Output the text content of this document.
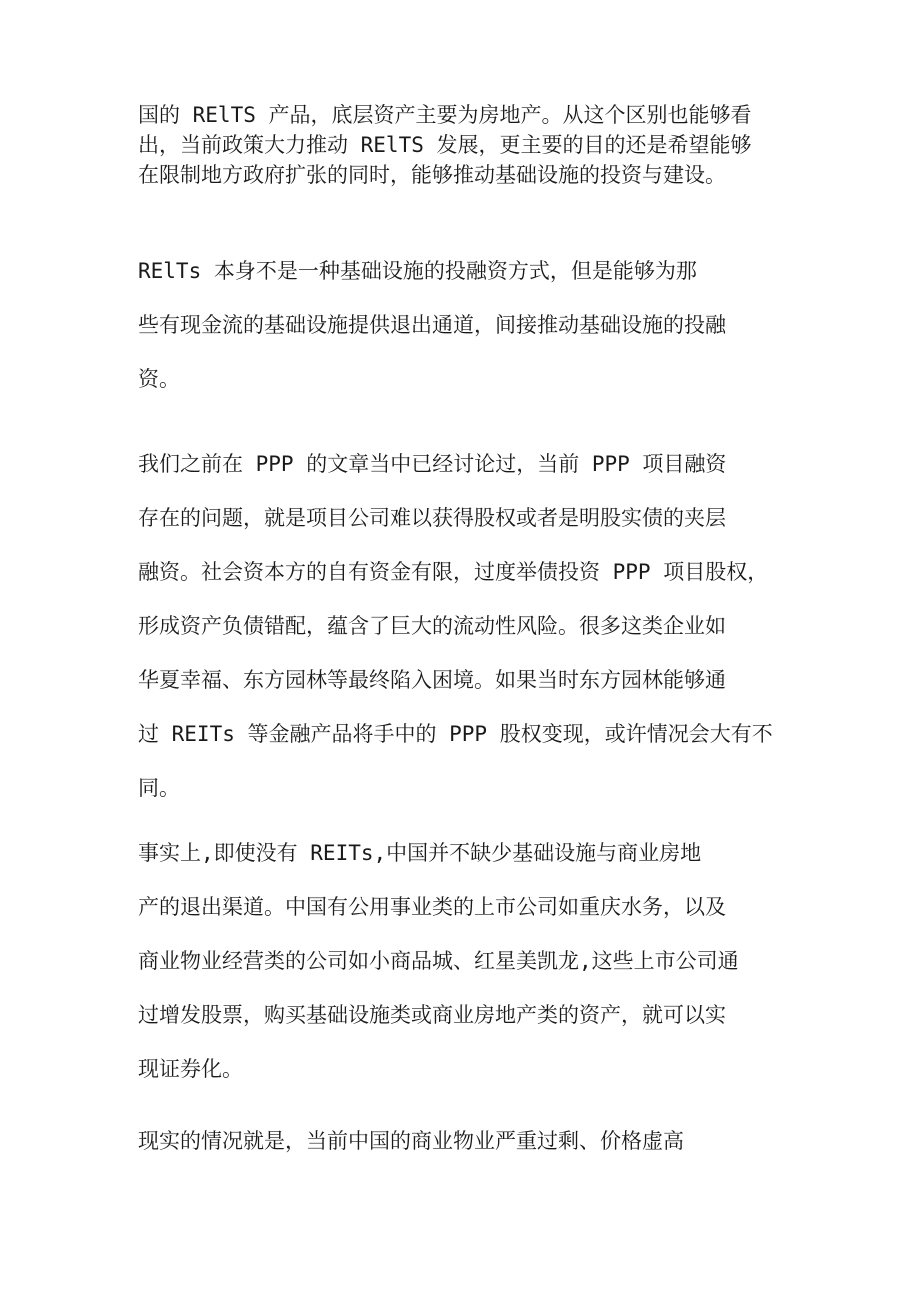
国的 RElTS 产品，底层资产主要为房地产。从这个区别也能够看
出，当前政策大力推动 RElTS 发展，更主要的目的还是希望能够
在限制地方政府扩张的同时，能够推动基础设施的投资与建设。
RElTs 本身不是一种基础设施的投融资方式，但是能够为那
些有现金流的基础设施提供退出通道，间接推动基础设施的投融
资。
我们之前在 PPP 的文章当中已经讨论过，当前 PPP 项目融资
存在的问题，就是项目公司难以获得股权或者是明股实债的夹层
融资。社会资本方的自有资金有限，过度举债投资 PPP 项目股权，
形成资产负债错配，蕴含了巨大的流动性风险。很多这类企业如
华夏幸福、东方园林等最终陷入困境。如果当时东方园林能够通
过 REITs 等金融产品将手中的 PPP 股权变现，或许情况会大有不
同。
事实上,即使没有 REITs,中国并不缺少基础设施与商业房地
产的退出渠道。中国有公用事业类的上市公司如重庆水务，以及
商业物业经营类的公司如小商品城、红星美凯龙,这些上市公司通
过增发股票，购买基础设施类或商业房地产类的资产，就可以实
现证券化。
现实的情况就是，当前中国的商业物业严重过剩、价格虚高
